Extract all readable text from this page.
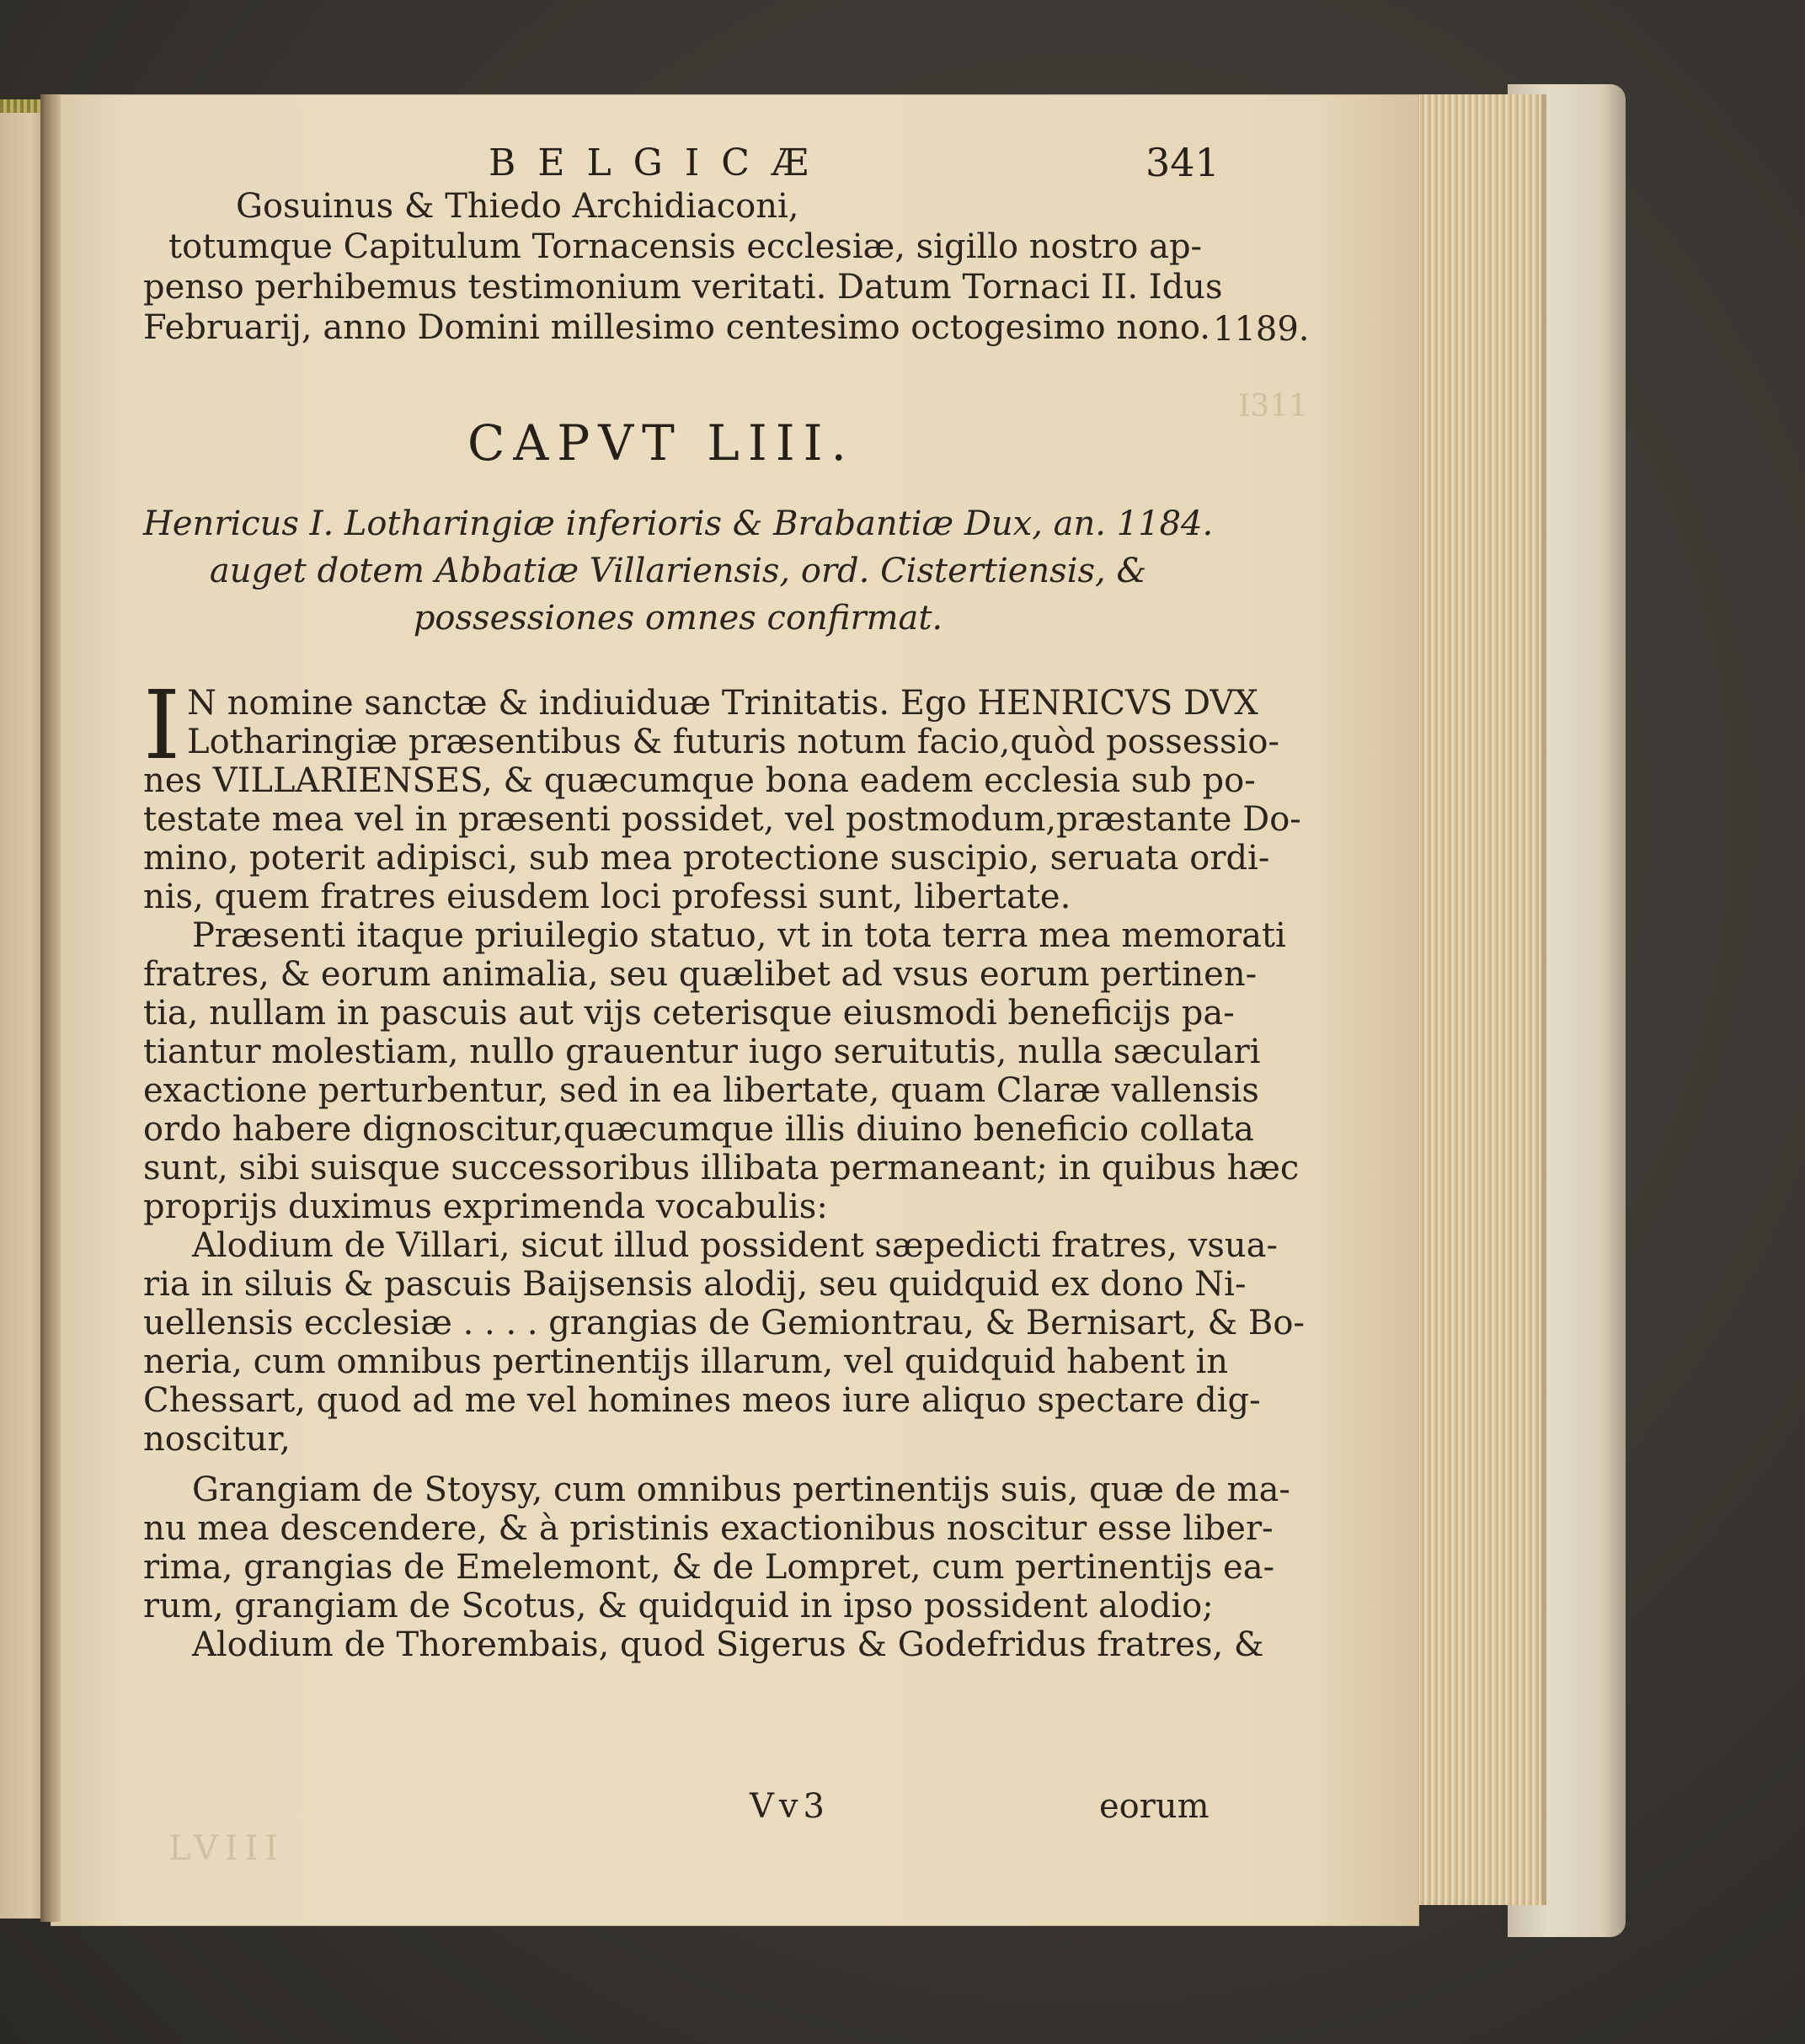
BELGICÆ	341
Gosuinus & Thiedo Archidiaconi,
totumque Capitulum Tornacensis ecclesiæ, sigillo nostro ap-
penso perhibemus testimonium veritati. Datum Tornaci II. Idus
Februarij, anno Domini millesimo centesimo octogesimo nono. 1189.
CAPVT LIII.
Henricus I. Lotharingiæ inferioris & Brabantiæ Dux, an. 1184.
auget dotem Abbatiæ Villariensis, ord. Cistertiensis, &
possessiones omnes confirmat.
I N nomine sanctæ & indiuiduæ Trinitatis. Ego HENRICVS DVX
Lotharingiæ præsentibus & futuris notum facio,quòd possessio-
nes VILLARIENSES, & quæcumque bona eadem ecclesia sub po-
testate mea vel in præsenti possidet, vel postmodum,præstante Do-
mino, poterit adipisci, sub mea protectione suscipio, seruata ordi-
nis, quem fratres eiusdem loci professi sunt, libertate.
Præsenti itaque priuilegio statuo, vt in tota terra mea memorati
fratres, & eorum animalia, seu quælibet ad vsus eorum pertinen-
tia, nullam in pascuis aut vijs ceterisque eiusmodi beneficijs pa-
tiantur molestiam, nullo grauentur iugo seruitutis, nulla sæculari
exactione perturbentur, sed in ea libertate, quam Claræ vallensis
ordo habere dignoscitur,quæcumque illis diuino beneficio collata
sunt, sibi suisque successoribus illibata permaneant; in quibus hæc
proprijs duximus exprimenda vocabulis:
Alodium de Villari, sicut illud possident sæpedicti fratres, vsua-
ria in siluis & pascuis Baijsensis alodij, seu quidquid ex dono Ni-
uellensis ecclesiæ . . . . grangias de Gemiontrau, & Bernisart, & Bo-
neria, cum omnibus pertinentijs illarum, vel quidquid habent in
Chessart, quod ad me vel homines meos iure aliquo spectare dig-
noscitur,
Grangiam de Stoysy, cum omnibus pertinentijs suis, quæ de ma-
nu mea descendere, & à pristinis exactionibus noscitur esse liber-
rima, grangias de Emelemont, & de Lompret, cum pertinentijs ea-
rum, grangiam de Scotus, & quidquid in ipso possident alodio;
Alodium de Thorembais, quod Sigerus & Godefridus fratres, &
Vv3	eorum
LVIII
I311
